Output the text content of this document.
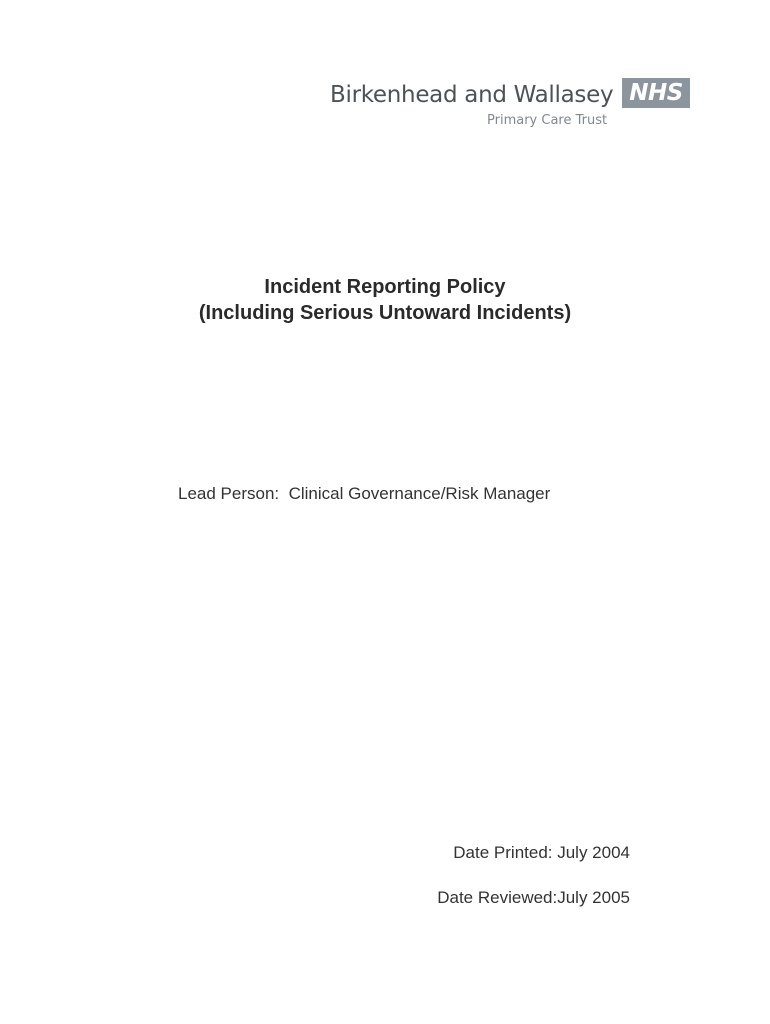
Birkenhead and Wallasey NHS
Primary Care Trust
Incident Reporting Policy
(Including Serious Untoward Incidents)
Lead Person:  Clinical Governance/Risk Manager
Date Printed: July 2004
Date Reviewed:July 2005
